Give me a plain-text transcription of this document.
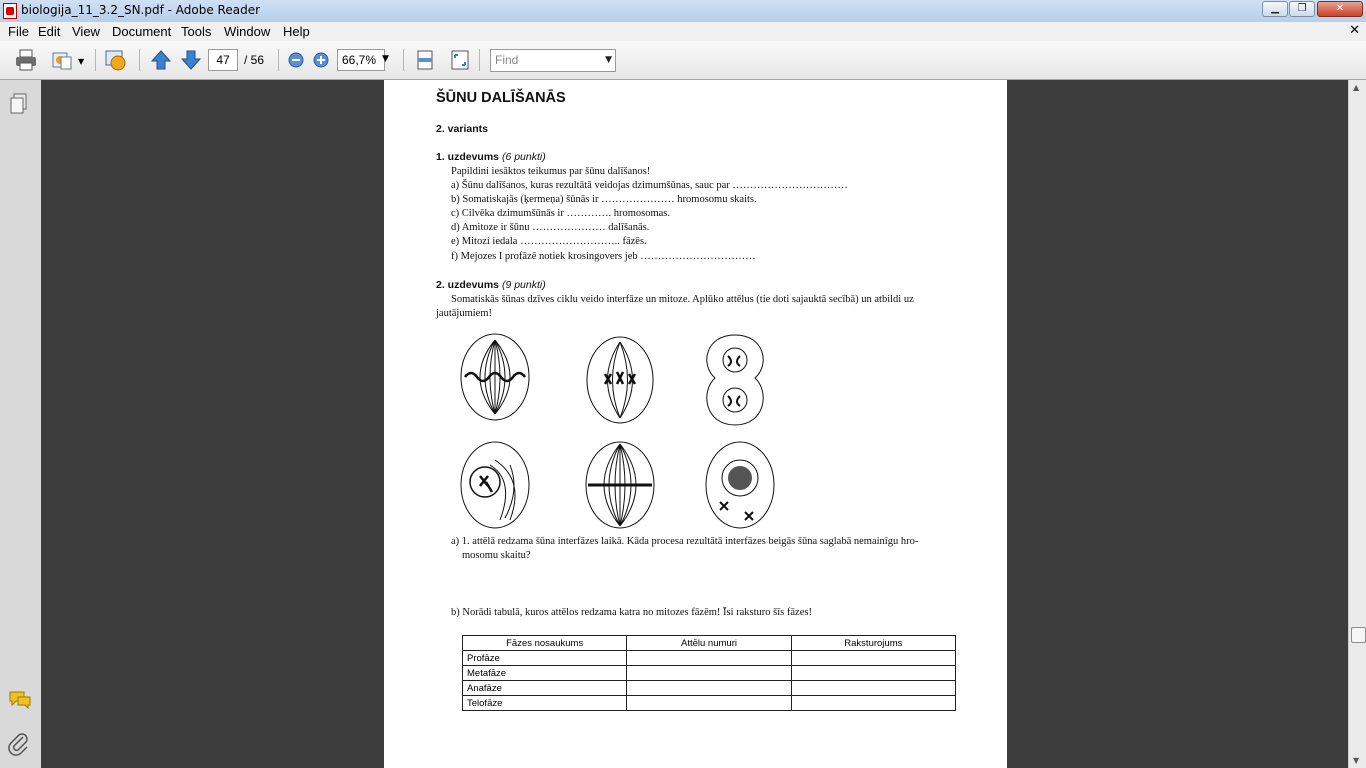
biologija_11_3.2_SN.pdf - Adobe Reader	▁	❐	✕
File Edit View Document Tools Window Help	✕
▼	47	/ 56	66,7% ▼	Find	▼
ŠŪNU DALĪŠANĀS
2. variants
1. uzdevums (6 punkti)
Papildini iesāktos teikumus par šūnu dalīšanos!
a) Šūnu dalīšanos, kuras rezultātā veidojas dzimumšūnas, sauc par ……………………………
b) Somatiskajās (ķermeņa) šūnās ir ………………… hromosomu skaits.
c) Cilvēka dzimumšūnās ir …………. hromosomas.
d) Amitoze ir šūnu ………………… dalīšanās.
e) Mitozi iedala ……………………….. fāzēs.
f) Mejozes I profāzē notiek krosingovers jeb ……………………………
2. uzdevums (9 punkti)
Somatiskās šūnas dzīves ciklu veido interfāze un mitoze. Aplūko attēlus (tie doti sajauktā secībā) un atbildi uz
jautājumiem!
a) 1. attēlā redzama šūna interfāzes laikā. Kāda procesa rezultātā interfāzes beigās šūna saglabā nemainīgu hro-
mosomu skaitu?
b) Norādi tabulā, kuros attēlos redzama katra no mitozes fāzēm! Īsi raksturo šīs fāzes!
Fāzes nosaukums	Attēlu numuri	Raksturojums
Profāze		
Metafāze		
Anafāze		
Telofāze		
▲
▼
